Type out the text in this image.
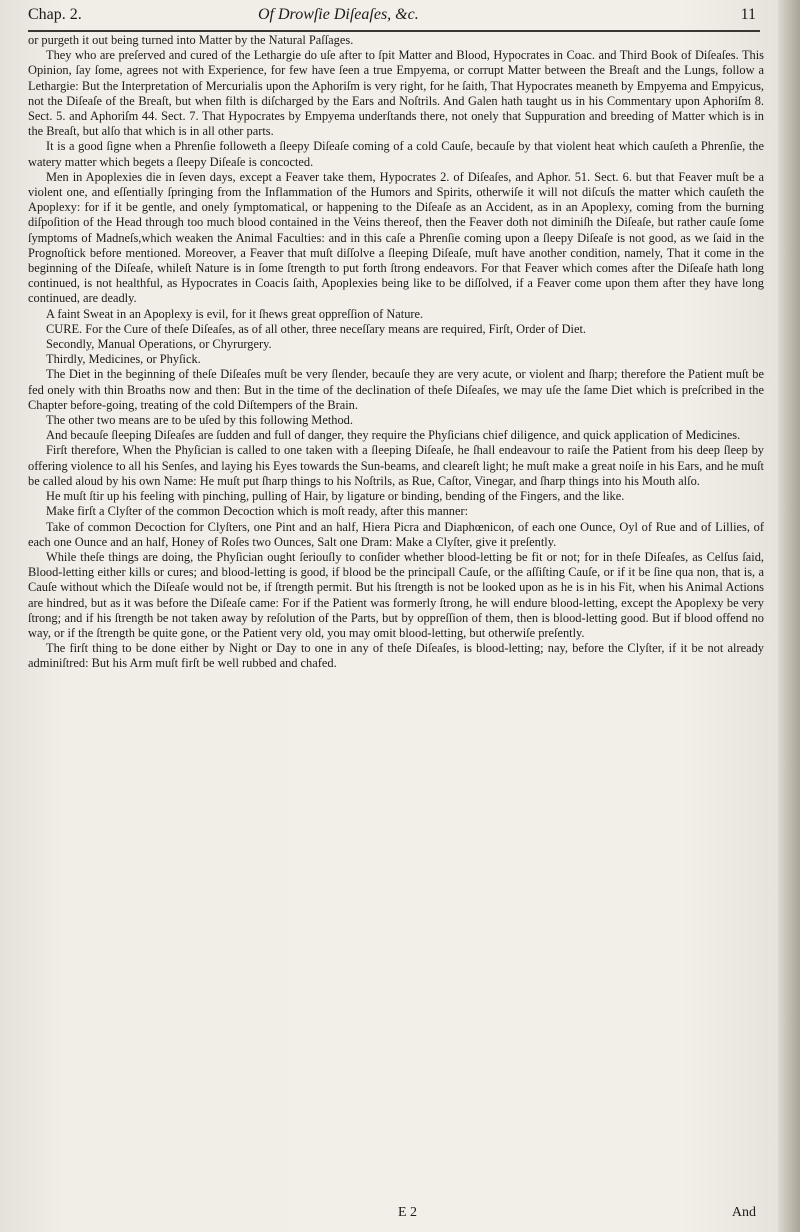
Chap. 2.	Of Drowſie Diſeaſes, &c.	11

or purgeth it out being turned into Matter by the Natural Paſſages.

They who are preſerved and cured of the Lethargie do uſe after to ſpit Matter and Blood, Hypocrates in Coac. and Third Book of Diſeaſes. This Opinion, ſay ſome, agrees not with Experience, for few have ſeen a true Empyema, or corrupt Matter between the Breaſt and the Lungs, follow a Lethargie: But the Interpretation of Mercurialis upon the Aphoriſm is very right, for he ſaith, That Hypocrates meaneth by Empyema and Empyicus, not the Diſeaſe of the Breaſt, but when filth is diſcharged by the Ears and Noſtrils. And Galen hath taught us in his Commentary upon Aphoriſm 8. Sect. 5. and Aphoriſm 44. Sect. 7. That Hypocrates by Empyema underſtands there, not onely that Suppuration and breeding of Matter which is in the Breaſt, but alſo that which is in all other parts.

It is a good ſigne when a Phrenſie followeth a ſleepy Diſeaſe coming of a cold Cauſe, becauſe by that violent heat which cauſeth a Phrenſie, the watery matter which begets a ſleepy Diſeaſe is concocted.

Men in Apoplexies die in ſeven days, except a Feaver take them, Hypocrates 2. of Diſeaſes, and Aphor. 51. Sect. 6. but that Feaver muſt be a violent one, and eſſentially ſpringing from the Inflammation of the Humors and Spirits, otherwiſe it will not diſcuſs the matter which cauſeth the Apoplexy: for if it be gentle, and onely ſymptomatical, or happening to the Diſeaſe as an Accident, as in an Apoplexy, coming from the burning diſpoſition of the Head through too much blood contained in the Veins thereof, then the Feaver doth not diminiſh the Diſeaſe, but rather cauſe ſome ſymptoms of Madneſs,which weaken the Animal Faculties: and in this caſe a Phrenſie coming upon a ſleepy Diſeaſe is not good, as we ſaid in the Prognoſtick before mentioned. Moreover, a Feaver that muſt diſſolve a ſleeping Diſeaſe, muſt have another condition, namely, That it come in the beginning of the Diſeaſe, whileſt Nature is in ſome ſtrength to put forth ſtrong endeavors. For that Feaver which comes after the Diſeaſe hath long continued, is not healthful, as Hypocrates in Coacis ſaith, Apoplexies being like to be diſſolved, if a Feaver come upon them after they have long continued, are deadly.

A faint Sweat in an Apoplexy is evil, for it ſhews great oppreſſion of Nature.

CURE. For the Cure of theſe Diſeaſes, as of all other, three neceſſary means are required, Firſt, Order of Diet.

Secondly, Manual Operations, or Chyrurgery.

Thirdly, Medicines, or Phyſick.

The Diet in the beginning of theſe Diſeaſes muſt be very ſlender, becauſe they are very acute, or violent and ſharp; therefore the Patient muſt be fed onely with thin Broaths now and then: But in the time of the declination of theſe Diſeaſes, we may uſe the ſame Diet which is preſcribed in the Chapter before-going, treating of the cold Diſtempers of the Brain.

The other two means are to be uſed by this following Method.

And becauſe ſleeping Diſeaſes are ſudden and full of danger, they require the Phyſicians chief diligence, and quick application of Medicines.

Firſt therefore, When the Phyſician is called to one taken with a ſleeping Diſeaſe, he ſhall endeavour to raiſe the Patient from his deep ſleep by offering violence to all his Senſes, and laying his Eyes towards the Sun-beams, and cleareſt light; he muſt make a great noiſe in his Ears, and he muſt be called aloud by his own Name: He muſt put ſharp things to his Noſtrils, as Rue, Caſtor, Vinegar, and ſharp things into his Mouth alſo.

He muſt ſtir up his feeling with pinching, pulling of Hair, by ligature or binding, bending of the Fingers, and the like.

Make firſt a Clyſter of the common Decoction which is moſt ready, after this manner:

Take of common Decoction for Clyſters, one Pint and an half, Hiera Picra and Diaphœnicon, of each one Ounce, Oyl of Rue and of Lillies, of each one Ounce and an half, Honey of Roſes two Ounces, Salt one Dram: Make a Clyſter, give it preſently.

While theſe things are doing, the Phyſician ought ſeriouſly to conſider whether blood-letting be fit or not; for in theſe Diſeaſes, as Celſus ſaid, Blood-letting either kills or cures; and blood-letting is good, if blood be the principall Cauſe, or the aſſiſting Cauſe, or if it be ſine qua non, that is, a Cauſe without which the Diſeaſe would not be, if ſtrength permit. But his ſtrength is not be looked upon as he is in his Fit, when his Animal Actions are hindred, but as it was before the Diſeaſe came: For if the Patient was formerly ſtrong, he will endure blood-letting, except the Apoplexy be very ſtrong; and if his ſtrength be not taken away by reſolution of the Parts, but by oppreſſion of them, then is blood-letting good. But if blood offend no way, or if the ſtrength be quite gone, or the Patient very old, you may omit blood-letting, but otherwiſe preſently.

The firſt thing to be done either by Night or Day to one in any of theſe Diſeaſes, is blood-letting; nay, before the Clyſter, if it be not already adminiſtred: But his Arm muſt firſt be well rubbed and chafed.

E 2	And
